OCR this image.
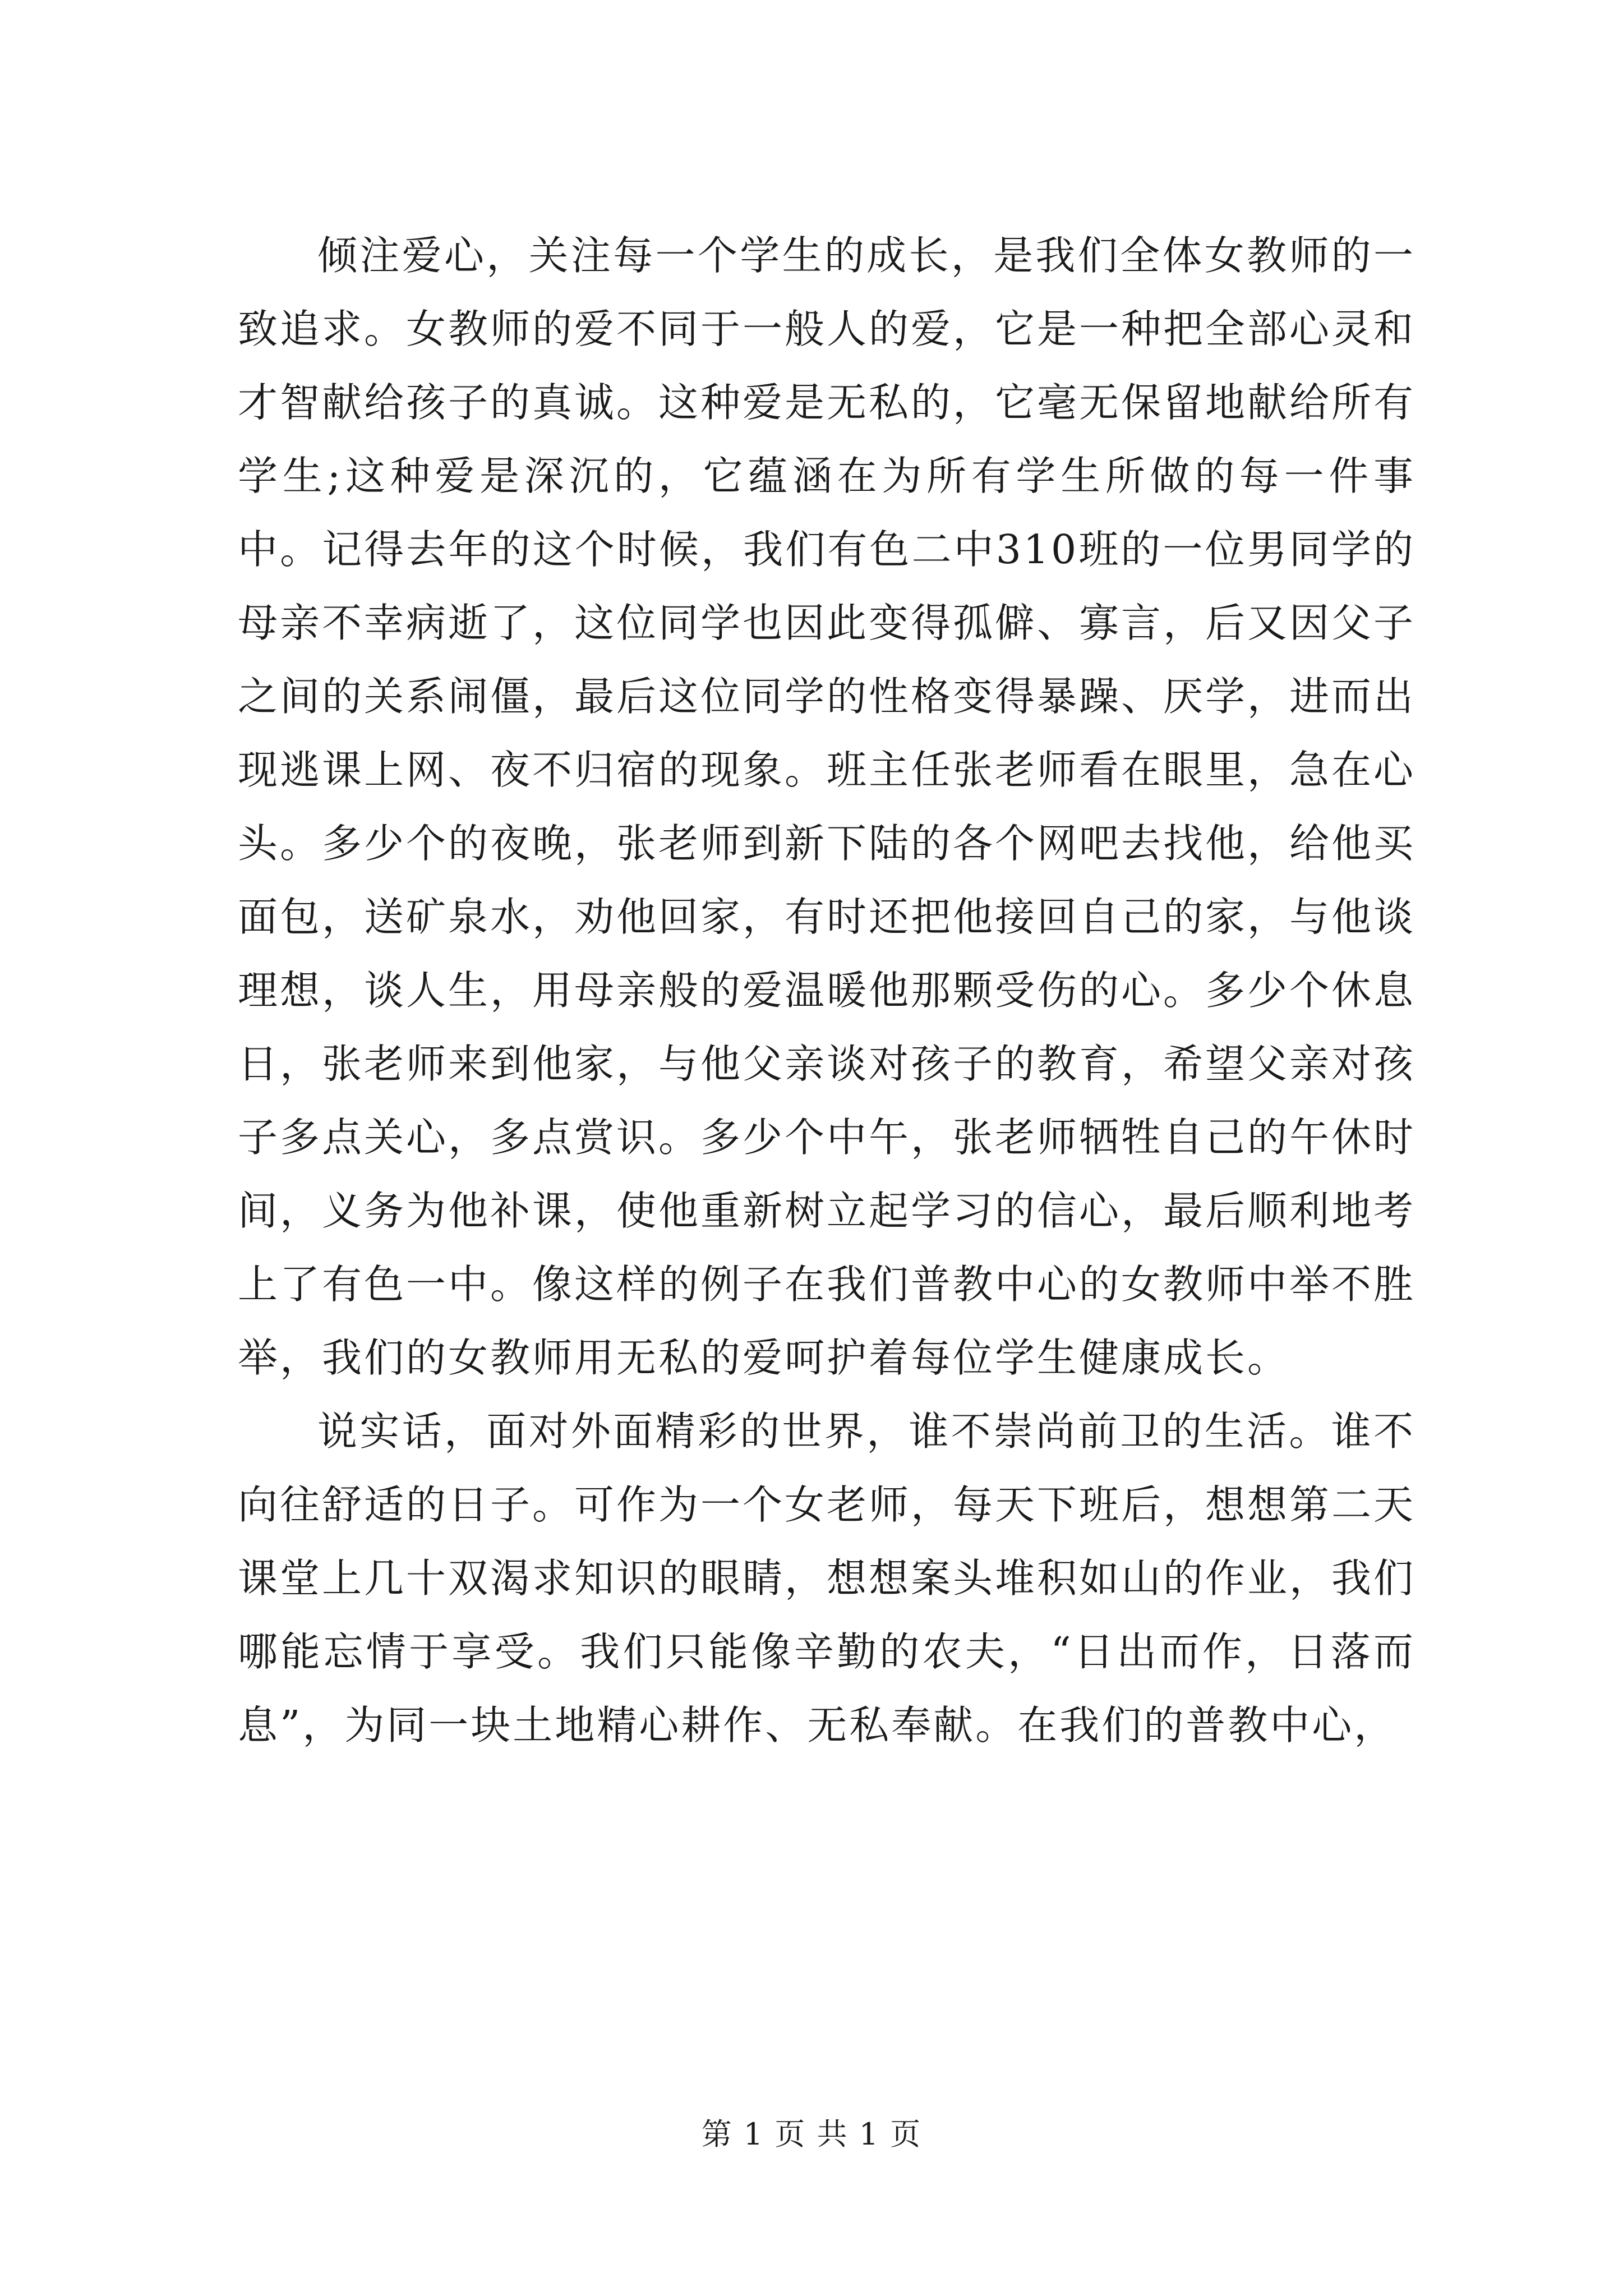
倾注爱心，关注每一个学生的成长，是我们全体女教师的一致追求。女教师的爱不同于一般人的爱，它是一种把全部心灵和才智献给孩子的真诚。这种爱是无私的，它毫无保留地献给所有学生;这种爱是深沉的，它蕴涵在为所有学生所做的每一件事中。记得去年的这个时候，我们有色二中310班的一位男同学的母亲不幸病逝了，这位同学也因此变得孤僻、寡言，后又因父子之间的关系闹僵，最后这位同学的性格变得暴躁、厌学，进而出现逃课上网、夜不归宿的现象。班主任张老师看在眼里，急在心头。多少个的夜晚，张老师到新下陆的各个网吧去找他，给他买面包，送矿泉水，劝他回家，有时还把他接回自己的家，与他谈理想，谈人生，用母亲般的爱温暖他那颗受伤的心。多少个休息日，张老师来到他家，与他父亲谈对孩子的教育，希望父亲对孩子多点关心，多点赏识。多少个中午，张老师牺牲自己的午休时间，义务为他补课，使他重新树立起学习的信心，最后顺利地考上了有色一中。像这样的例子在我们普教中心的女教师中举不胜举，我们的女教师用无私的爱呵护着每位学生健康成长。

说实话，面对外面精彩的世界，谁不崇尚前卫的生活。谁不向往舒适的日子。可作为一个女老师，每天下班后，想想第二天课堂上几十双渴求知识的眼睛，想想案头堆积如山的作业，我们哪能忘情于享受。我们只能像辛勤的农夫，“日出而作，日落而息”，为同一块土地精心耕作、无私奉献。在我们的普教中心，

第 1 页 共 1 页
